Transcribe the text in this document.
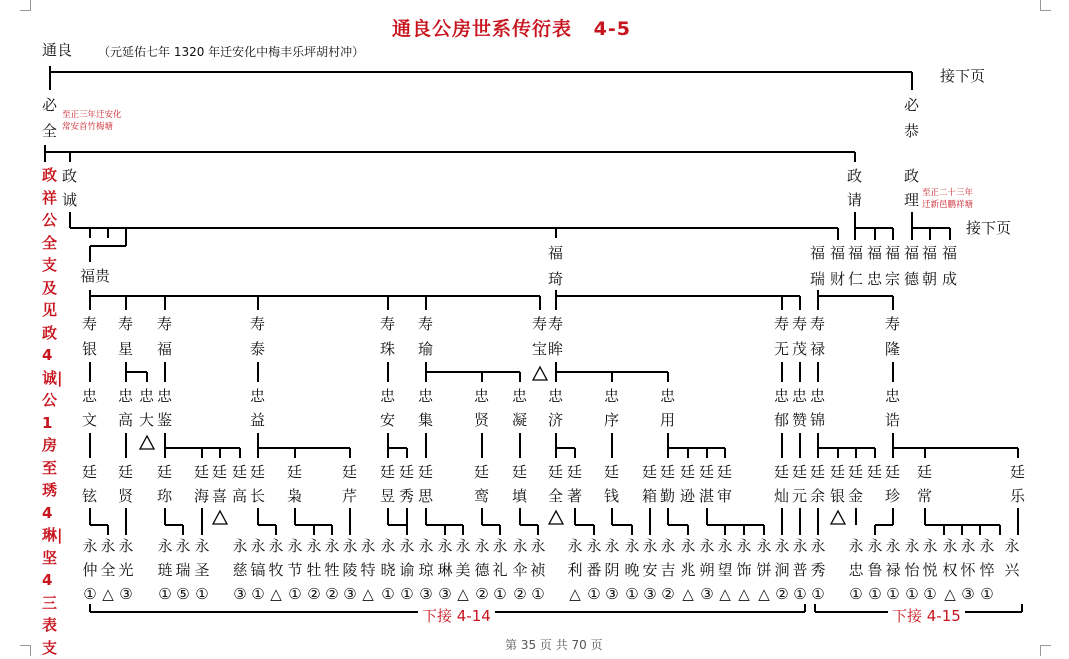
通良公房世系传衍表 4-5
通良 （元延佑七年 1320 年迁安化中梅丰乐坪胡村冲）
接下页
必全
至正三年迁安化
常安首竹梅塘
必恭
政诚
政请
政理 至正二十三年
迁新邑鹏祥塘
接下页
政祥公全支及见政4诚|公1房至琇4琳|坚4三表支
福贵
福琦
福瑞
福财
福仁
福忠
福宗
福德
福朝
福成
寿银
寿星
寿福
寿泰
寿珠
寿瑜
寿宝
寿眸
寿无
寿茂
寿禄
寿隆
忠文
忠高
忠大
忠鉴
忠益
忠安
忠集
忠贤
忠凝
忠济
忠序
忠用
忠郁
忠赞
忠锦
忠诰
廷铉
廷贤
廷珎
廷海
廷喜
廷高
廷长
廷枭
廷芹
廷昱
廷秀
廷思
廷鸾
廷填
廷全
廷著
廷钱
廷箱
廷勤
廷逊
廷湛
廷审
廷灿
廷元
廷余
廷银
廷金
廷 廷珍
廷常
廷乐
永
仲
①
永
全
△
永
光
③
永
琏
①
永
瑞
⑤
永
圣
①
永
慈
③
永
镐
①
永
牧
△
永
节
①
永
牡
②
永
牲
②
永
陵
③
永
特
△
永
晓
①
永
谕
①
永
琼
③
永
琳
③
永
美
△
永
德
②
永
礼
①
永
伞
②
永
祯
①
永
利
△
永
番
①
永
阴
③
永
晚
①
永
安
③
永
吉
②
永
兆
△
永
朔
③
永
望
△
永
饰
△
永
饼
△
永
涧
②
永
普
①
永
秀
①
永
忠
①
永
鲁
①
永
禄
①
永
怡
①
永
悦
①
永
权
△
永
怀
③
永
悴
①
永
兴
下接 4-14	下接 4-15
第 35 页 共 70 页
